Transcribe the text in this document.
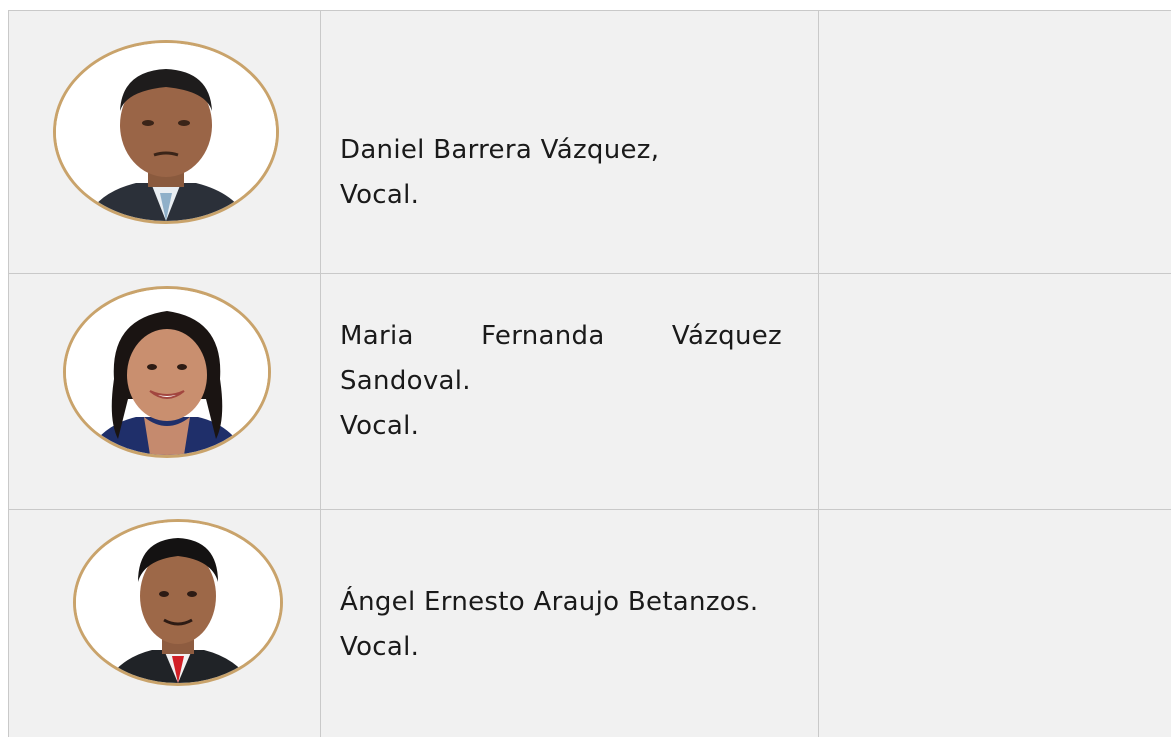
Daniel Barrera Vázquez,
Vocal.
Maria	Fernanda	Vázquez
Sandoval.
Vocal.
Ángel Ernesto Araujo Betanzos.
Vocal.
